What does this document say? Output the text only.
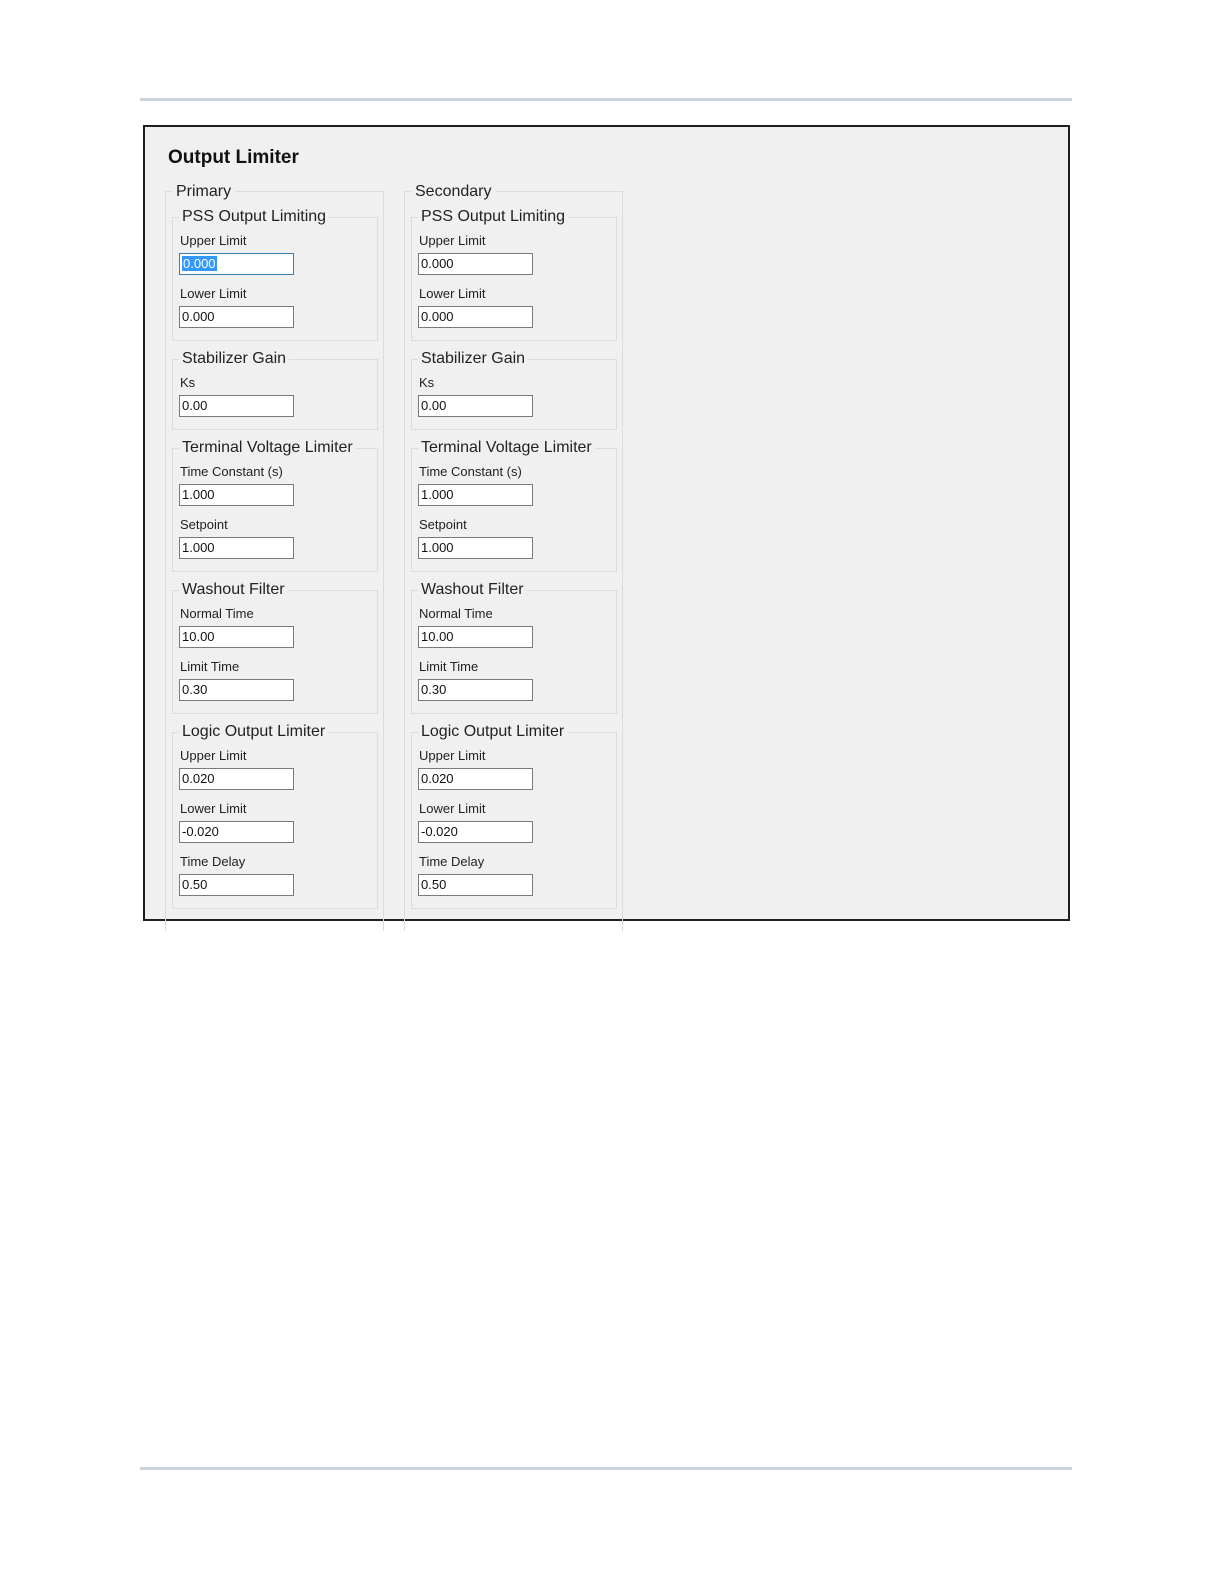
Output Limiter
Primary
PSS Output Limiting
Upper Limit
0.000
Lower Limit
0.000
Stabilizer Gain
Ks
0.00
Terminal Voltage Limiter
Time Constant (s)
1.000
Setpoint
1.000
Washout Filter
Normal Time
10.00
Limit Time
0.30
Logic Output Limiter
Upper Limit
0.020
Lower Limit
-0.020
Time Delay
0.50
Secondary
PSS Output Limiting
Upper Limit
0.000
Lower Limit
0.000
Stabilizer Gain
Ks
0.00
Terminal Voltage Limiter
Time Constant (s)
1.000
Setpoint
1.000
Washout Filter
Normal Time
10.00
Limit Time
0.30
Logic Output Limiter
Upper Limit
0.020
Lower Limit
-0.020
Time Delay
0.50
